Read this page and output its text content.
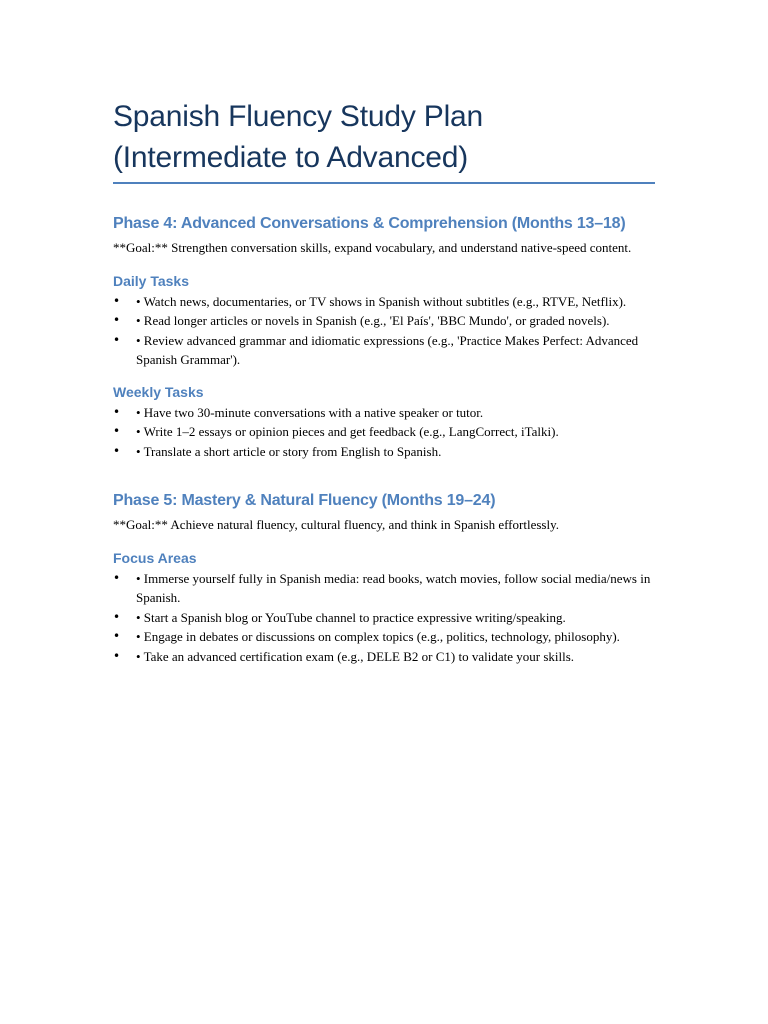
Spanish Fluency Study Plan
(Intermediate to Advanced)
Phase 4: Advanced Conversations & Comprehension (Months 13–18)

**Goal:** Strengthen conversation skills, expand vocabulary, and understand native-speed content.

Daily Tasks
• • Watch news, documentaries, or TV shows in Spanish without subtitles (e.g., RTVE, Netflix).
• • Read longer articles or novels in Spanish (e.g., 'El País', 'BBC Mundo', or graded novels).
• • Review advanced grammar and idiomatic expressions (e.g., 'Practice Makes Perfect: Advanced Spanish Grammar').
Weekly Tasks
• • Have two 30-minute conversations with a native speaker or tutor.
• • Write 1–2 essays or opinion pieces and get feedback (e.g., LangCorrect, iTalki).
• • Translate a short article or story from English to Spanish.
Phase 5: Mastery & Natural Fluency (Months 19–24)

**Goal:** Achieve natural fluency, cultural fluency, and think in Spanish effortlessly.

Focus Areas
• • Immerse yourself fully in Spanish media: read books, watch movies, follow social media/news in Spanish.
• • Start a Spanish blog or YouTube channel to practice expressive writing/speaking.
• • Engage in debates or discussions on complex topics (e.g., politics, technology, philosophy).
• • Take an advanced certification exam (e.g., DELE B2 or C1) to validate your skills.
